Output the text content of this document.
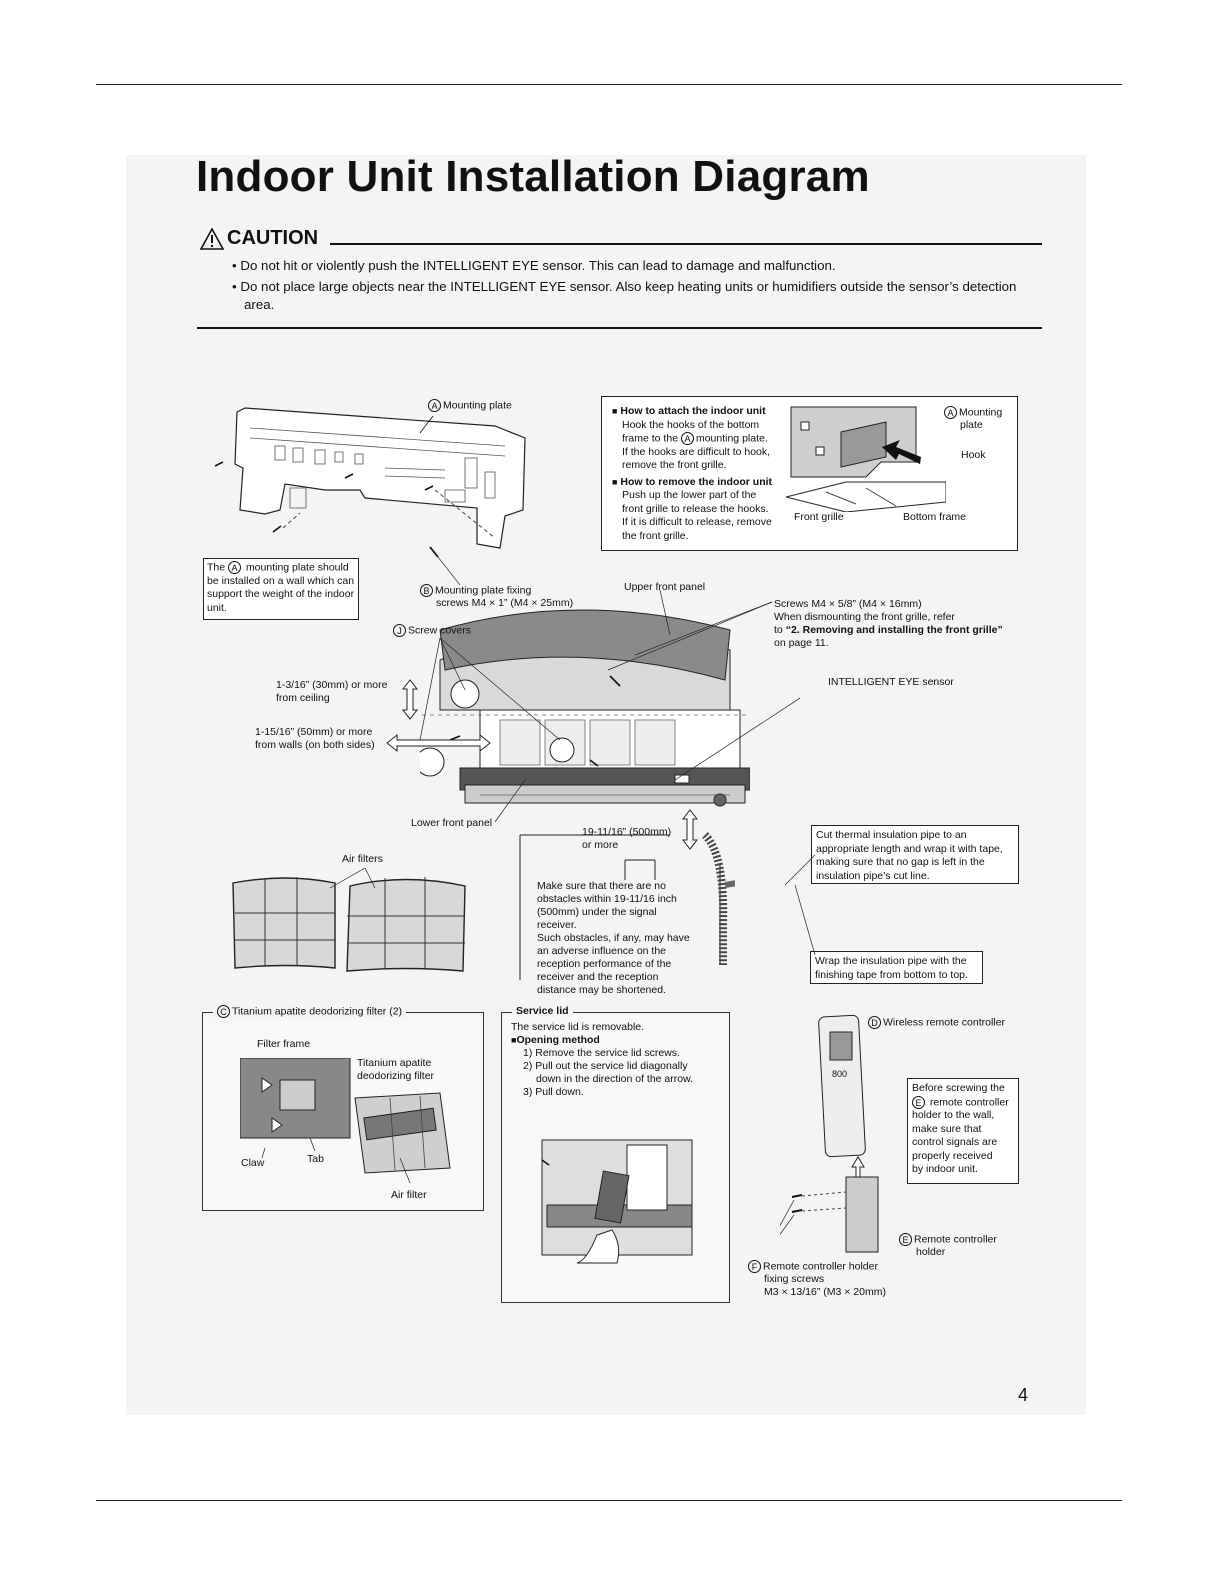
Indoor Unit Installation Diagram
CAUTION
• Do not hit or violently push the INTELLIGENT EYE sensor. This can lead to damage and malfunction.
• Do not place large objects near the INTELLIGENT EYE sensor. Also keep heating units or humidifiers outside the sensor’s detection area.
A Mounting plate
The A mounting plate should be installed on a wall which can support the weight of the indoor unit.
B Mounting plate fixing
screws M4 × 1” (M4 × 25mm)
■ How to attach the indoor unit
Hook the hooks of the bottom
frame to the A mounting plate.
If the hooks are difficult to hook,
remove the front grille.
■ How to remove the indoor unit
Push up the lower part of the
front grille to release the hooks.
If it is difficult to release, remove
the front grille.
A Mounting
plate
Hook
Front grille	Bottom frame
J Screw covers
Upper front panel
Screws M4 × 5/8” (M4 × 16mm)
When dismounting the front grille, refer
to “2. Removing and installing the front grille”
on page 11.
INTELLIGENT EYE sensor
1-3/16” (30mm) or more
from ceiling
1-15/16” (50mm) or more
from walls (on both sides)
Lower front panel
19-11/16” (500mm)
or more
Make sure that there are no
obstacles within 19-11/16 inch
(500mm) under the signal
receiver.
Such obstacles, if any, may have
an adverse influence on the
reception performance of the
receiver and the reception
distance may be shortened.
Cut thermal insulation pipe to an appropriate length and wrap it with tape, making sure that no gap is left in the insulation pipe’s cut line.
Wrap the insulation pipe with the finishing tape from bottom to top.
Air filters
C Titanium apatite deodorizing filter (2)
Filter frame
Titanium apatite
deodorizing filter
Claw	Tab
Air filter
Service lid
The service lid is removable.
■Opening method
1) Remove the service lid screws.
2) Pull out the service lid diagonally
down in the direction of the arrow.
3) Pull down.
800
D Wireless remote controller
Before screwing the
E remote controller
holder to the wall,
make sure that
control signals are
properly received
by indoor unit.
E Remote controller
holder
F Remote controller holder
fixing screws
M3 × 13/16” (M3 × 20mm)
4
